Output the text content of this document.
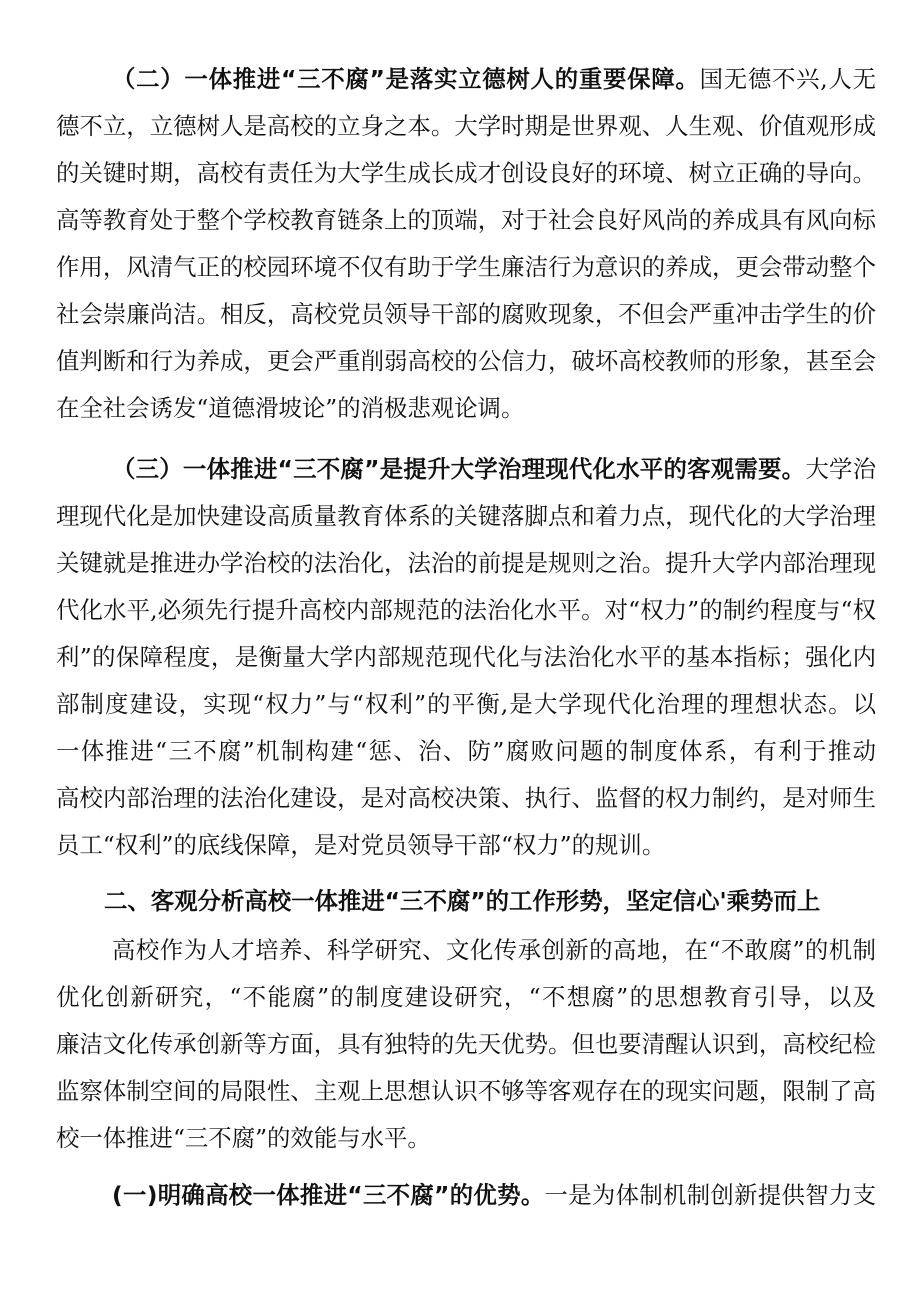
（二）一体推进“三不腐”是落实立德树人的重要保障。国无德不兴,人无
德不立，立德树人是高校的立身之本。大学时期是世界观、人生观、价值观形成
的关键时期，高校有责任为大学生成长成才创设良好的环境、树立正确的导向。
高等教育处于整个学校教育链条上的顶端，对于社会良好风尚的养成具有风向标
作用，风清气正的校园环境不仅有助于学生廉洁行为意识的养成，更会带动整个
社会崇廉尚洁。相反，高校党员领导干部的腐败现象，不但会严重冲击学生的价
值判断和行为养成，更会严重削弱高校的公信力，破坏高校教师的形象，甚至会
在全社会诱发“道德滑坡论”的消极悲观论调。
（三）一体推进“三不腐”是提升大学治理现代化水平的客观需要。大学治
理现代化是加快建设高质量教育体系的关键落脚点和着力点，现代化的大学治理
关键就是推进办学治校的法治化，法治的前提是规则之治。提升大学内部治理现
代化水平,必须先行提升高校内部规范的法治化水平。对“权力”的制约程度与“权
利”的保障程度，是衡量大学内部规范现代化与法治化水平的基本指标；强化内
部制度建设，实现“权力”与“权利”的平衡,是大学现代化治理的理想状态。以
一体推进“三不腐”机制构建“惩、治、防”腐败问题的制度体系，有利于推动
高校内部治理的法治化建设，是对高校决策、执行、监督的权力制约，是对师生
员工“权利”的底线保障，是对党员领导干部“权力”的规训。
二、客观分析高校一体推进“三不腐”的工作形势，坚定信心'乘势而上
高校作为人才培养、科学研究、文化传承创新的高地，在“不敢腐”的机制
优化创新研究，“不能腐”的制度建设研究，“不想腐”的思想教育引导，以及
廉洁文化传承创新等方面，具有独特的先天优势。但也要清醒认识到，高校纪检
监察体制空间的局限性、主观上思想认识不够等客观存在的现实问题，限制了高
校一体推进“三不腐”的效能与水平。
(一)明确高校一体推进“三不腐”的优势。一是为体制机制创新提供智力支
